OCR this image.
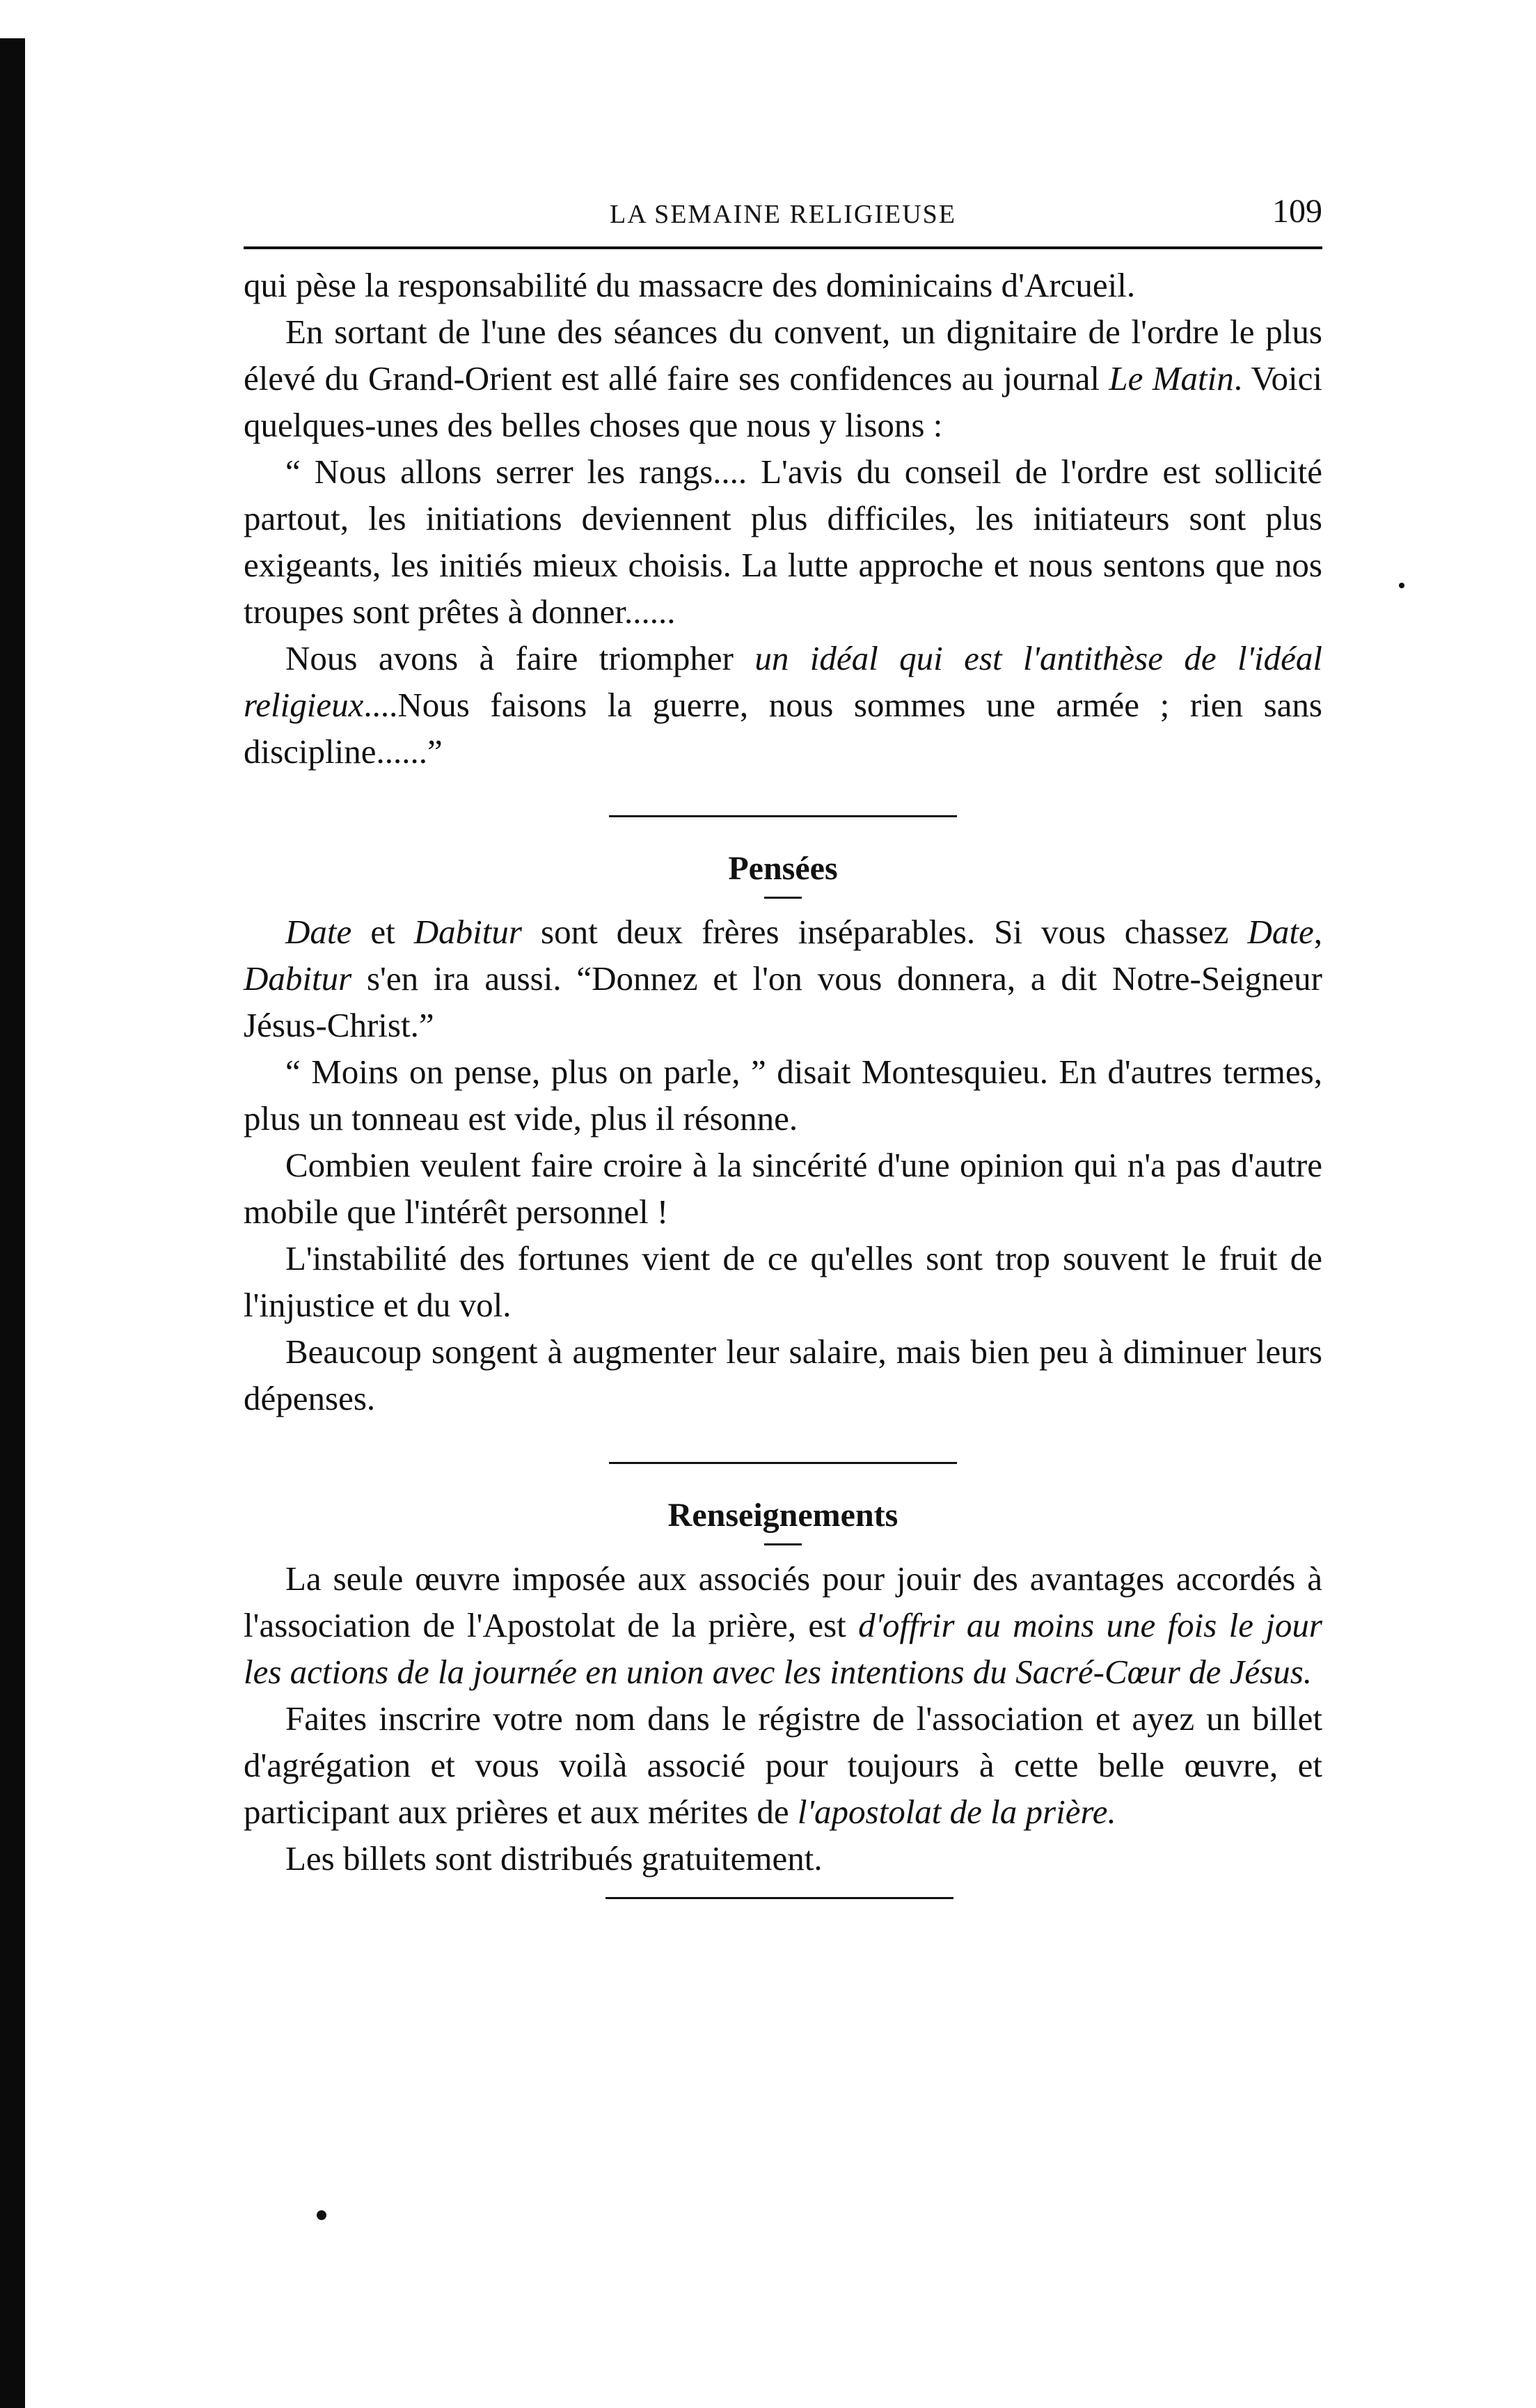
LA SEMAINE RELIGIEUSE	109

qui pèse la responsabilité du massacre des dominicains d'Arcueil.

En sortant de l'une des séances du convent, un dignitaire de l'ordre le plus élevé du Grand-Orient est allé faire ses confidences au journal Le Matin. Voici quelques-unes des belles choses que nous y lisons :

“ Nous allons serrer les rangs.... L'avis du conseil de l'ordre est sollicité partout, les initiations deviennent plus difficiles, les initiateurs sont plus exigeants, les initiés mieux choisis. La lutte approche et nous sentons que nos troupes sont prêtes à donner......

Nous avons à faire triompher un idéal qui est l'antithèse de l'idéal religieux....Nous faisons la guerre, nous sommes une armée ; rien sans discipline......”

Pensées

Date et Dabitur sont deux frères inséparables. Si vous chassez Date, Dabitur s'en ira aussi. “Donnez et l'on vous donnera, a dit Notre-Seigneur Jésus-Christ.”

“ Moins on pense, plus on parle, ” disait Montesquieu. En d'autres termes, plus un tonneau est vide, plus il résonne.

Combien veulent faire croire à la sincérité d'une opinion qui n'a pas d'autre mobile que l'intérêt personnel !

L'instabilité des fortunes vient de ce qu'elles sont trop souvent le fruit de l'injustice et du vol.

Beaucoup songent à augmenter leur salaire, mais bien peu à diminuer leurs dépenses.

Renseignements

La seule œuvre imposée aux associés pour jouir des avantages accordés à l'association de l'Apostolat de la prière, est d'offrir au moins une fois le jour les actions de la journée en union avec les intentions du Sacré-Cœur de Jésus.

Faites inscrire votre nom dans le régistre de l'association et ayez un billet d'agrégation et vous voilà associé pour toujours à cette belle œuvre, et participant aux prières et aux mérites de l'apostolat de la prière.

Les billets sont distribués gratuitement.
